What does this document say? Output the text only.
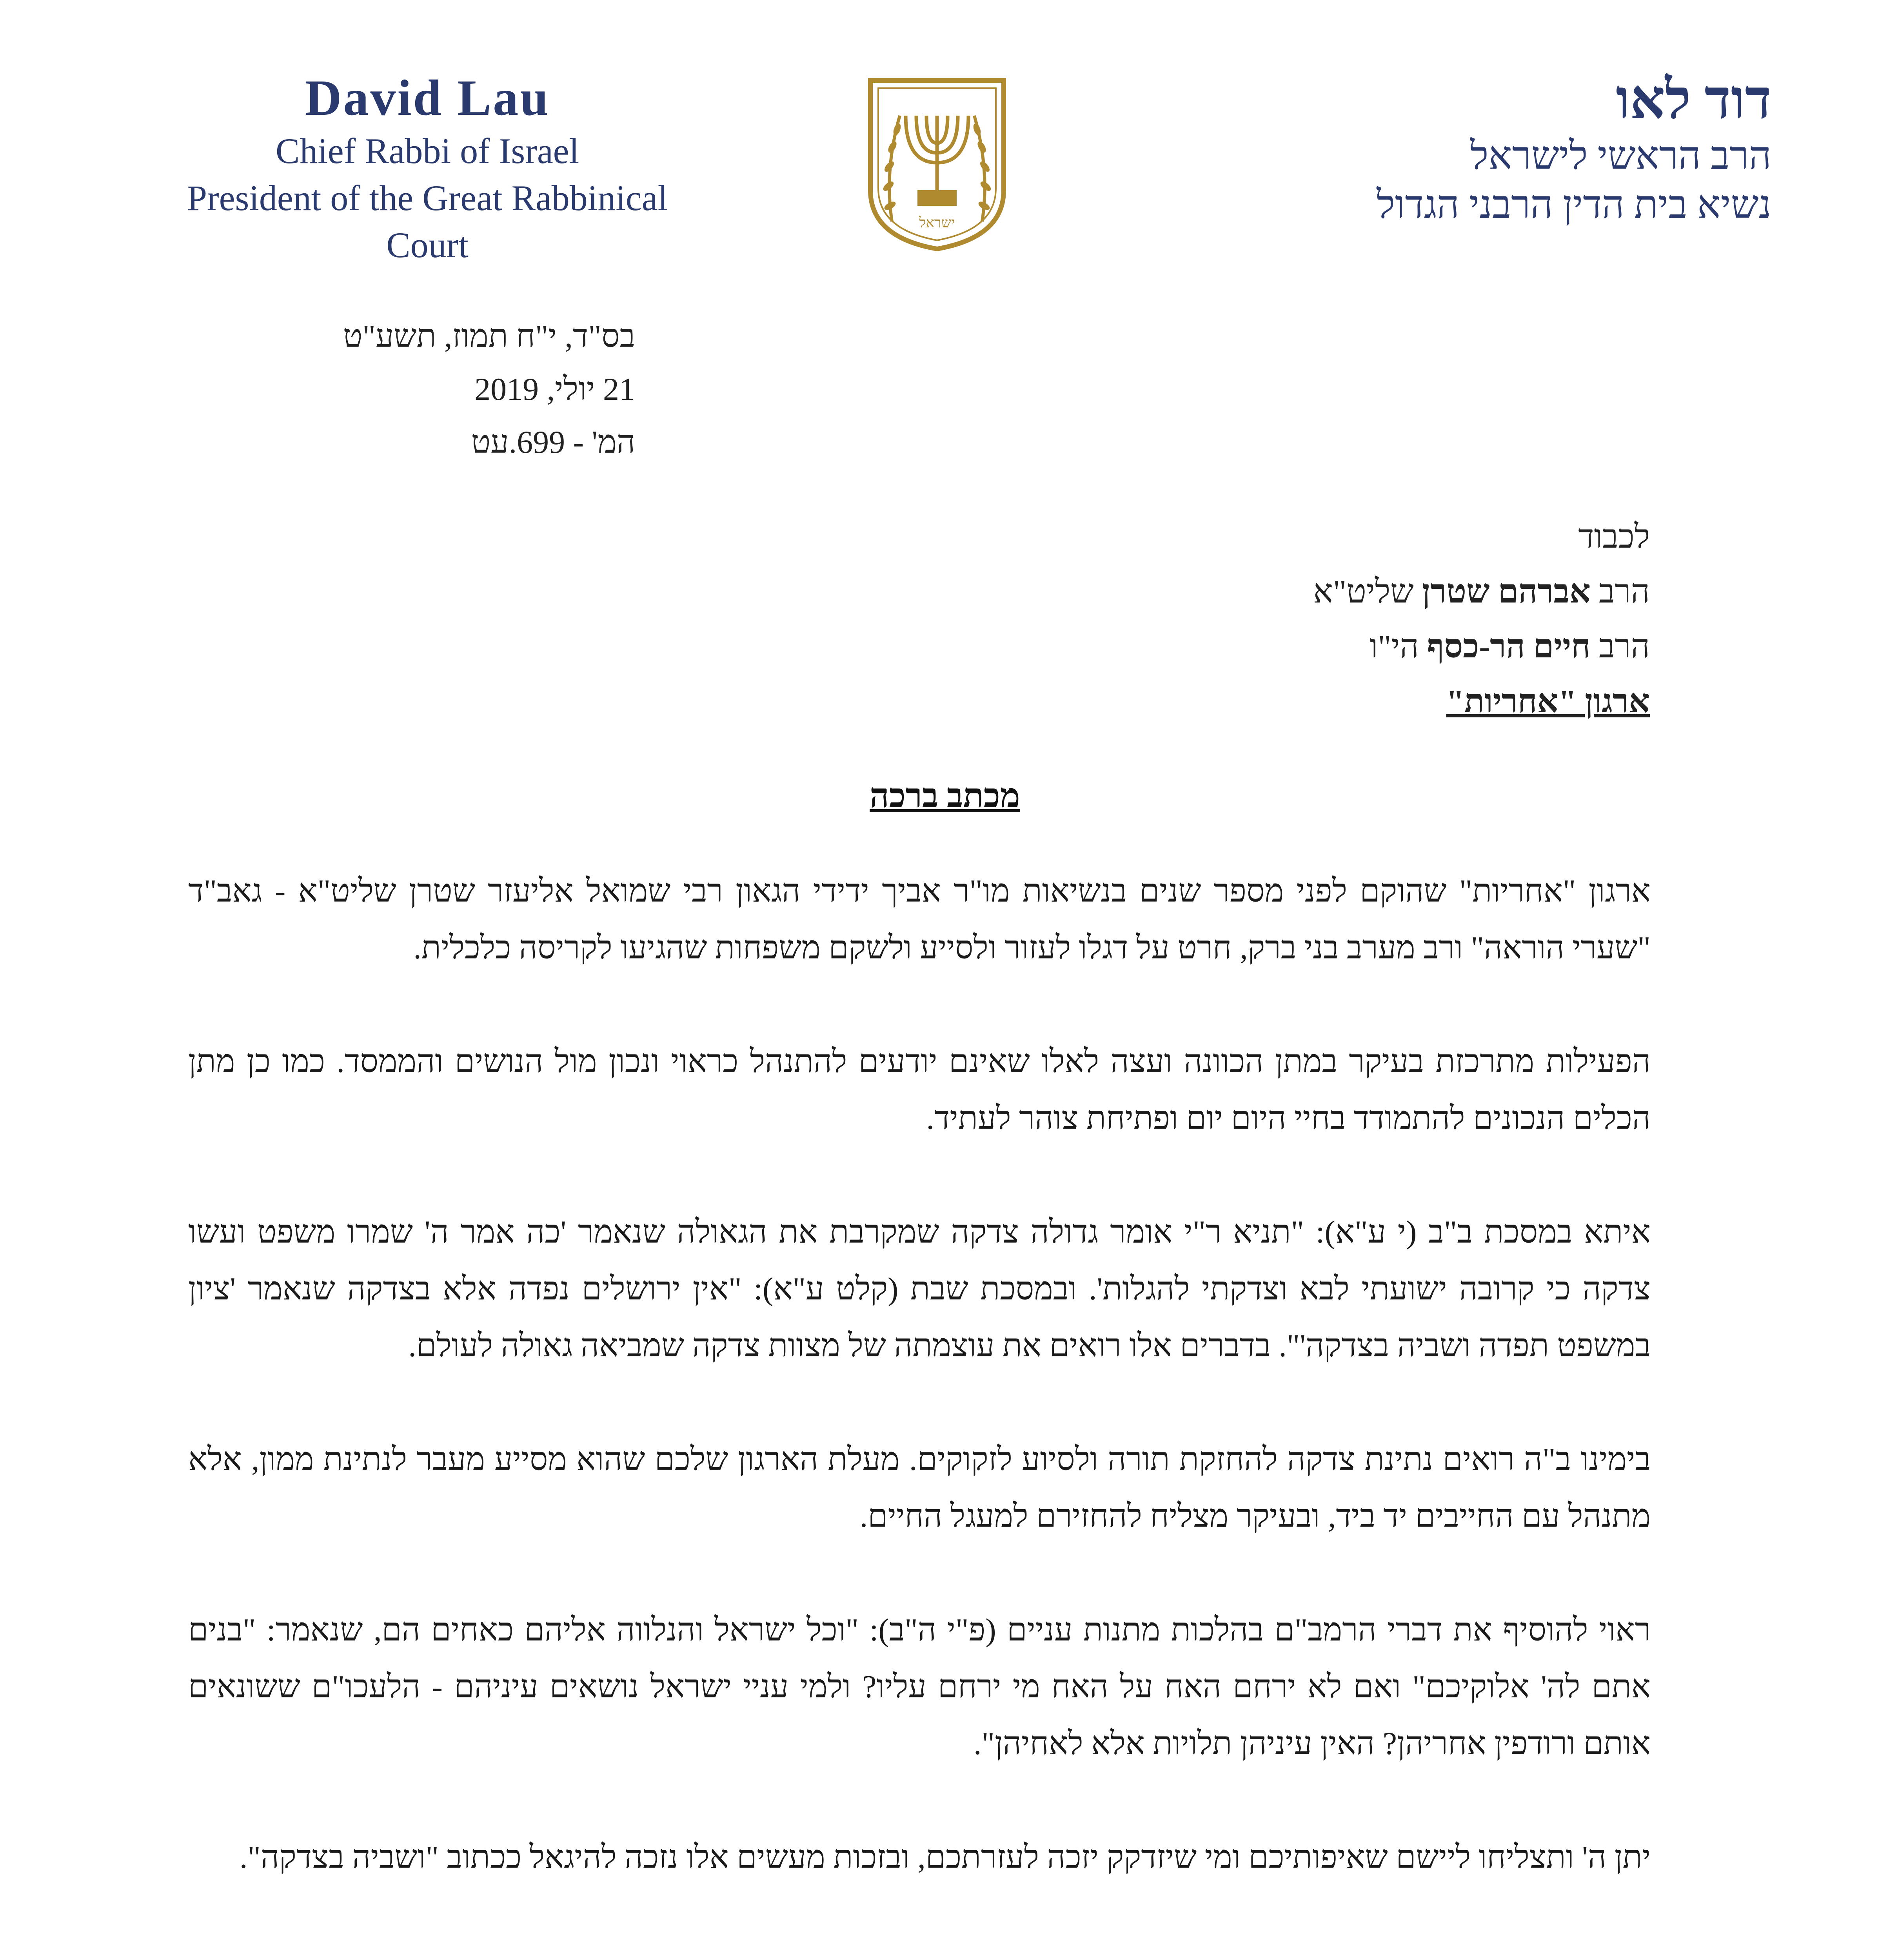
David Lau
Chief Rabbi of Israel
President of the Great Rabbinical Court
ישראל
דוד לאו
הרב הראשי לישראל
נשיא בית הדין הרבני הגדול
בס"ד, י"ח תמוז, תשע"ט
21 יולי, 2019
המ' - 699.עט
לכבוד
הרב אברהם שטרן שליט"א
הרב חיים הר-כסף הי"ו
ארגון "אחריות"
מכתב ברכה

ארגון "אחריות" שהוקם לפני מספר שנים בנשיאות מו"ר אביך ידידי הגאון רבי שמואל אליעזר שטרן שליט"א - גאב"ד "שערי הוראה" ורב מערב בני ברק, חרט על דגלו לעזור ולסייע ולשקם משפחות שהגיעו לקריסה כלכלית.

הפעילות מתרכזת בעיקר במתן הכוונה ועצה לאלו שאינם יודעים להתנהל כראוי ונכון מול הנושים והממסד. כמו כן מתן הכלים הנכונים להתמודד בחיי היום יום ופתיחת צוהר לעתיד.

איתא במסכת ב"ב (י ע"א): "תניא ר"י אומר גדולה צדקה שמקרבת את הגאולה שנאמר 'כה אמר ה' שמרו משפט ועשו צדקה כי קרובה ישועתי לבא וצדקתי להגלות'. ובמסכת שבת (קלט ע"א): "אין ירושלים נפדה אלא בצדקה שנאמר 'ציון במשפט תפדה ושביה בצדקה'". בדברים אלו רואים את עוצמתה של מצוות צדקה שמביאה גאולה לעולם.

בימינו ב"ה רואים נתינת צדקה להחזקת תורה ולסיוע לזקוקים. מעלת הארגון שלכם שהוא מסייע מעבר לנתינת ממון, אלא מתנהל עם החייבים יד ביד, ובעיקר מצליח להחזירם למעגל החיים.

ראוי להוסיף את דברי הרמב"ם בהלכות מתנות עניים (פ"י ה"ב): "וכל ישראל והנלווה אליהם כאחים הם, שנאמר: "בנים אתם לה' אלוקיכם" ואם לא ירחם האח על האח מי ירחם עליו? ולמי עניי ישראל נושאים עיניהם - הלעכו"ם ששונאים אותם ורודפין אחריהן? האין עיניהן תלויות אלא לאחיהן".

יתן ה' ותצליחו ליישם שאיפותיכם ומי שיזדקק יזכה לעזרתכם, ובזכות מעשים אלו נזכה להיגאל ככתוב "ושביה בצדקה".
